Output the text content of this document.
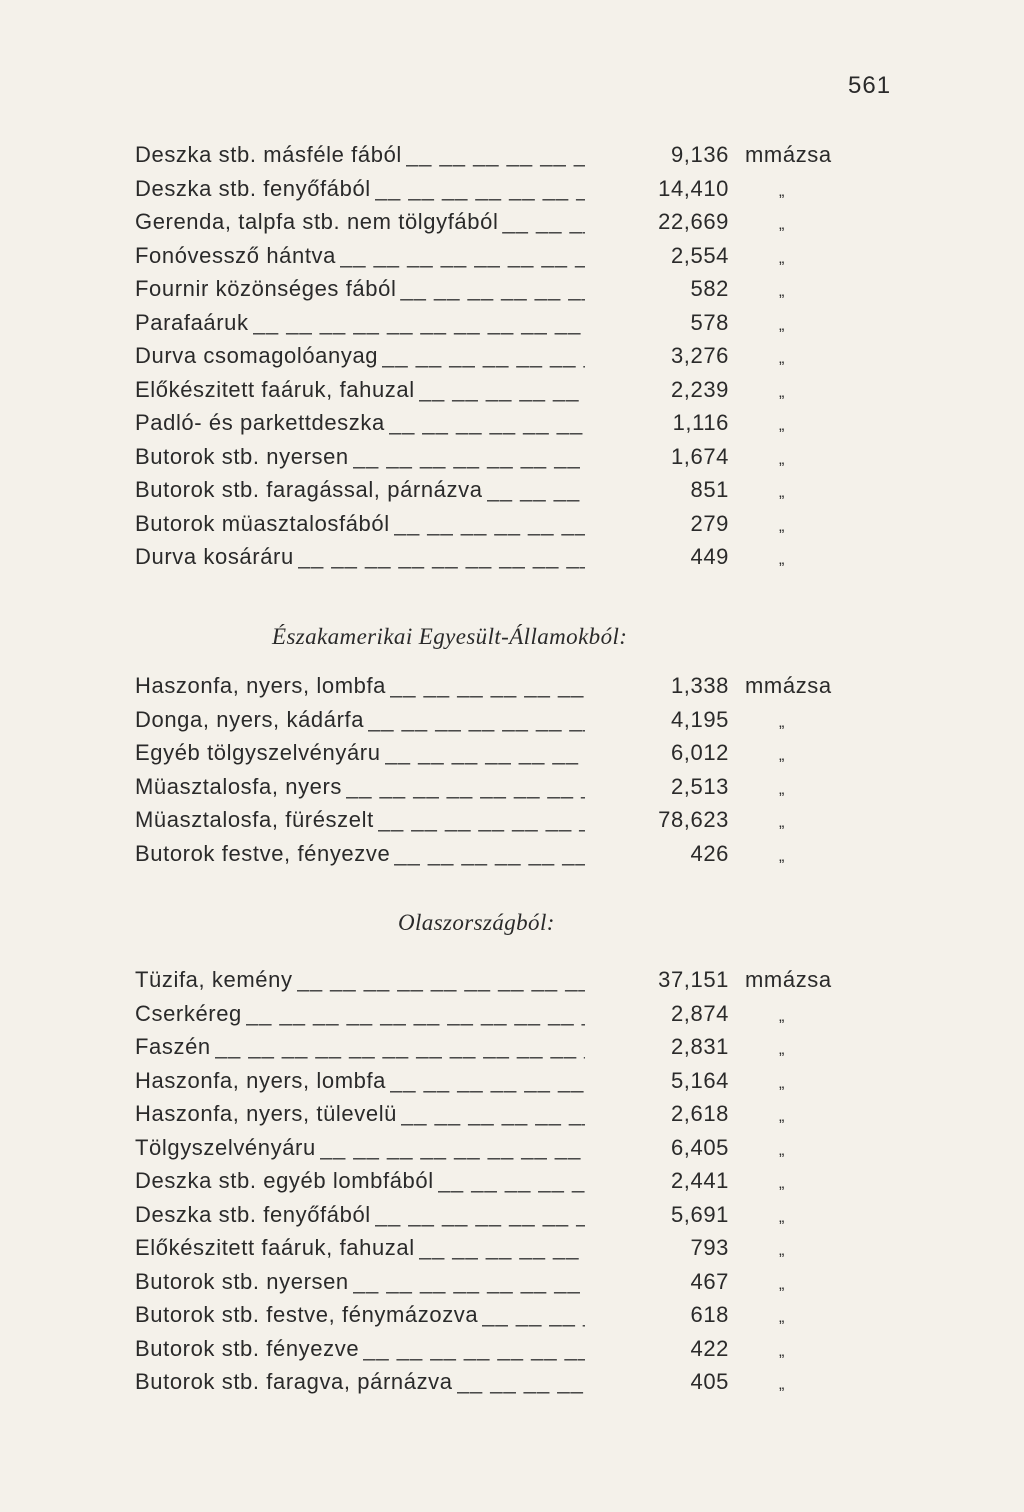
561
Deszka stb. másféle fából __ __	9,136 mmázsa
Deszka stb. fenyőfából __ __	14,410	„
Gerenda, talpfa stb. nem tölgyfából __ __	22,669	„
Fonóvessző hántva __ __	2,554	„
Fournir közönséges fából __ __	582	„
Parafaáruk __ __	578	„
Durva csomagolóanyag __ __	3,276	„
Előkészitett faáruk, fahuzal __ __	2,239	„
Padló- és parkettdeszka __ __	1,116	„
Butorok stb. nyersen __ __	1,674	„
Butorok stb. faragással, párnázva __ __	851	„
Butorok müasztalosfából __ __	279	„
Durva kosáráru __ __	449	„
Északamerikai Egyesült-Államokból:
Haszonfa, nyers, lombfa __ __	1,338 mmázsa
Donga, nyers, kádárfa __ __	4,195	„
Egyéb tölgyszelvényáru __ __	6,012	„
Müasztalosfa, nyers __ __	2,513	„
Müasztalosfa, fürészelt __ __	78,623	„
Butorok festve, fényezve __ __	426	„
Olaszországból:
Tüzifa, kemény __ __	37,151 mmázsa
Cserkéreg __ __	2,874	„
Faszén __ __	2,831	„
Haszonfa, nyers, lombfa __ __	5,164	„
Haszonfa, nyers, tülevelü __ __	2,618	„
Tölgyszelvényáru __ __	6,405	„
Deszka stb. egyéb lombfából __ __	2,441	„
Deszka stb. fenyőfából __ __	5,691	„
Előkészitett faáruk, fahuzal __ __	793	„
Butorok stb. nyersen __ __	467	„
Butorok stb. festve, fénymázozva __ __	618	„
Butorok stb. fényezve __ __	422	„
Butorok stb. faragva, párnázva __ __	405	„
